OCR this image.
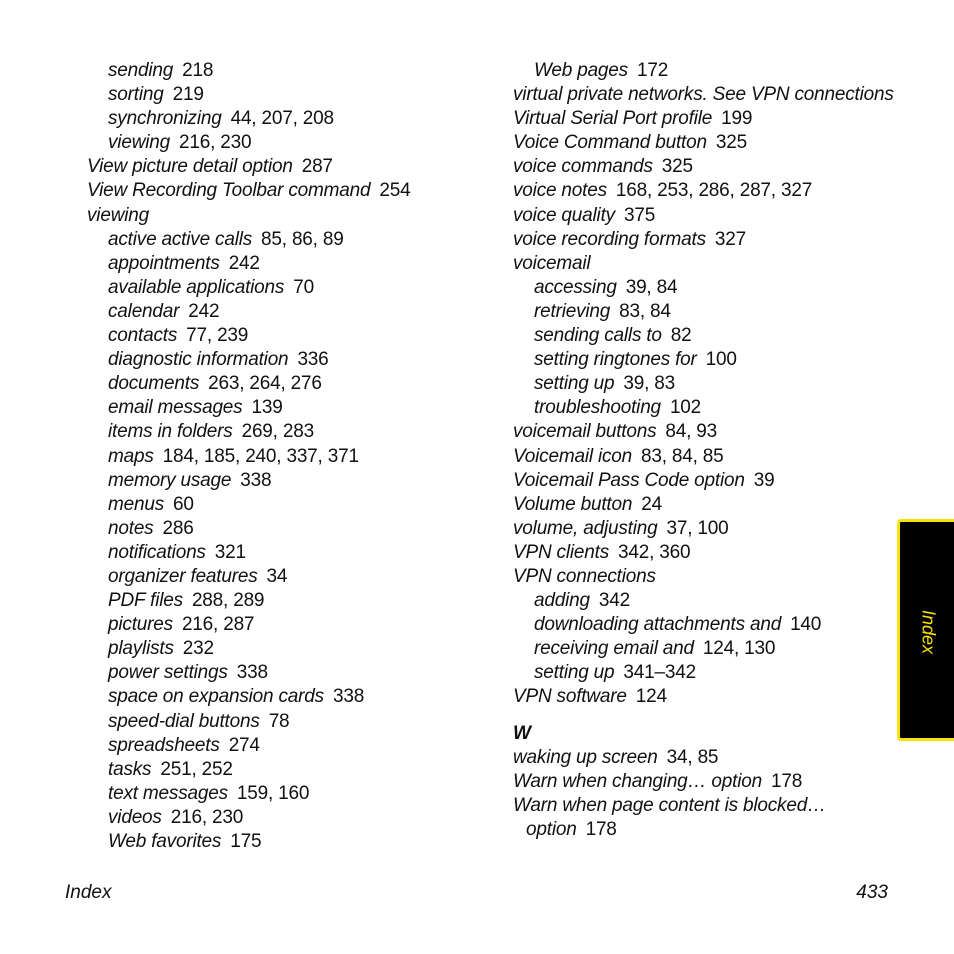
sending 218
sorting 219
synchronizing 44, 207, 208
viewing 216, 230
View picture detail option 287
View Recording Toolbar command 254
viewing
active active calls 85, 86, 89
appointments 242
available applications 70
calendar 242
contacts 77, 239
diagnostic information 336
documents 263, 264, 276
email messages 139
items in folders 269, 283
maps 184, 185, 240, 337, 371
memory usage 338
menus 60
notes 286
notifications 321
organizer features 34
PDF files 288, 289
pictures 216, 287
playlists 232
power settings 338
space on expansion cards 338
speed-dial buttons 78
spreadsheets 274
tasks 251, 252
text messages 159, 160
videos 216, 230
Web favorites 175
Web pages 172
virtual private networks. See VPN connections
Virtual Serial Port profile 199
Voice Command button 325
voice commands 325
voice notes 168, 253, 286, 287, 327
voice quality 375
voice recording formats 327
voicemail
accessing 39, 84
retrieving 83, 84
sending calls to 82
setting ringtones for 100
setting up 39, 83
troubleshooting 102
voicemail buttons 84, 93
Voicemail icon 83, 84, 85
Voicemail Pass Code option 39
Volume button 24
volume, adjusting 37, 100
VPN clients 342, 360
VPN connections
adding 342
downloading attachments and 140
receiving email and 124, 130
setting up 341–342
VPN software 124
W
waking up screen 34, 85
Warn when changing… option 178
Warn when page content is blocked…
option 178
Index	433
Index
